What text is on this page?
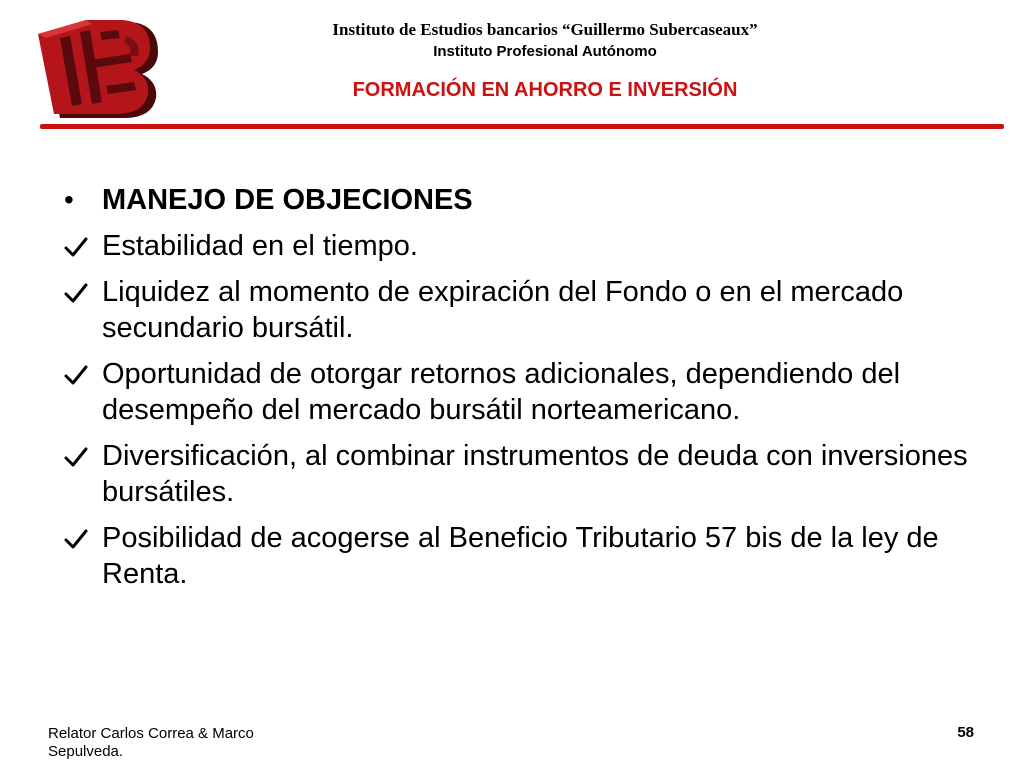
Instituto de Estudios bancarios “Guillermo Subercaseaux”
Instituto Profesional Autónomo
FORMACIÓN EN AHORRO E INVERSIÓN
• MANEJO DE OBJECIONES
Estabilidad en el tiempo.
Liquidez al momento de expiración del Fondo o en el mercado secundario bursátil.
Oportunidad de otorgar retornos adicionales, dependiendo del desempeño del mercado bursátil norteamericano.
Diversificación, al combinar instrumentos de deuda con inversiones bursátiles.
Posibilidad de acogerse al Beneficio Tributario 57 bis de la ley de Renta.
Relator Carlos Correa & Marco Sepulveda.
58
